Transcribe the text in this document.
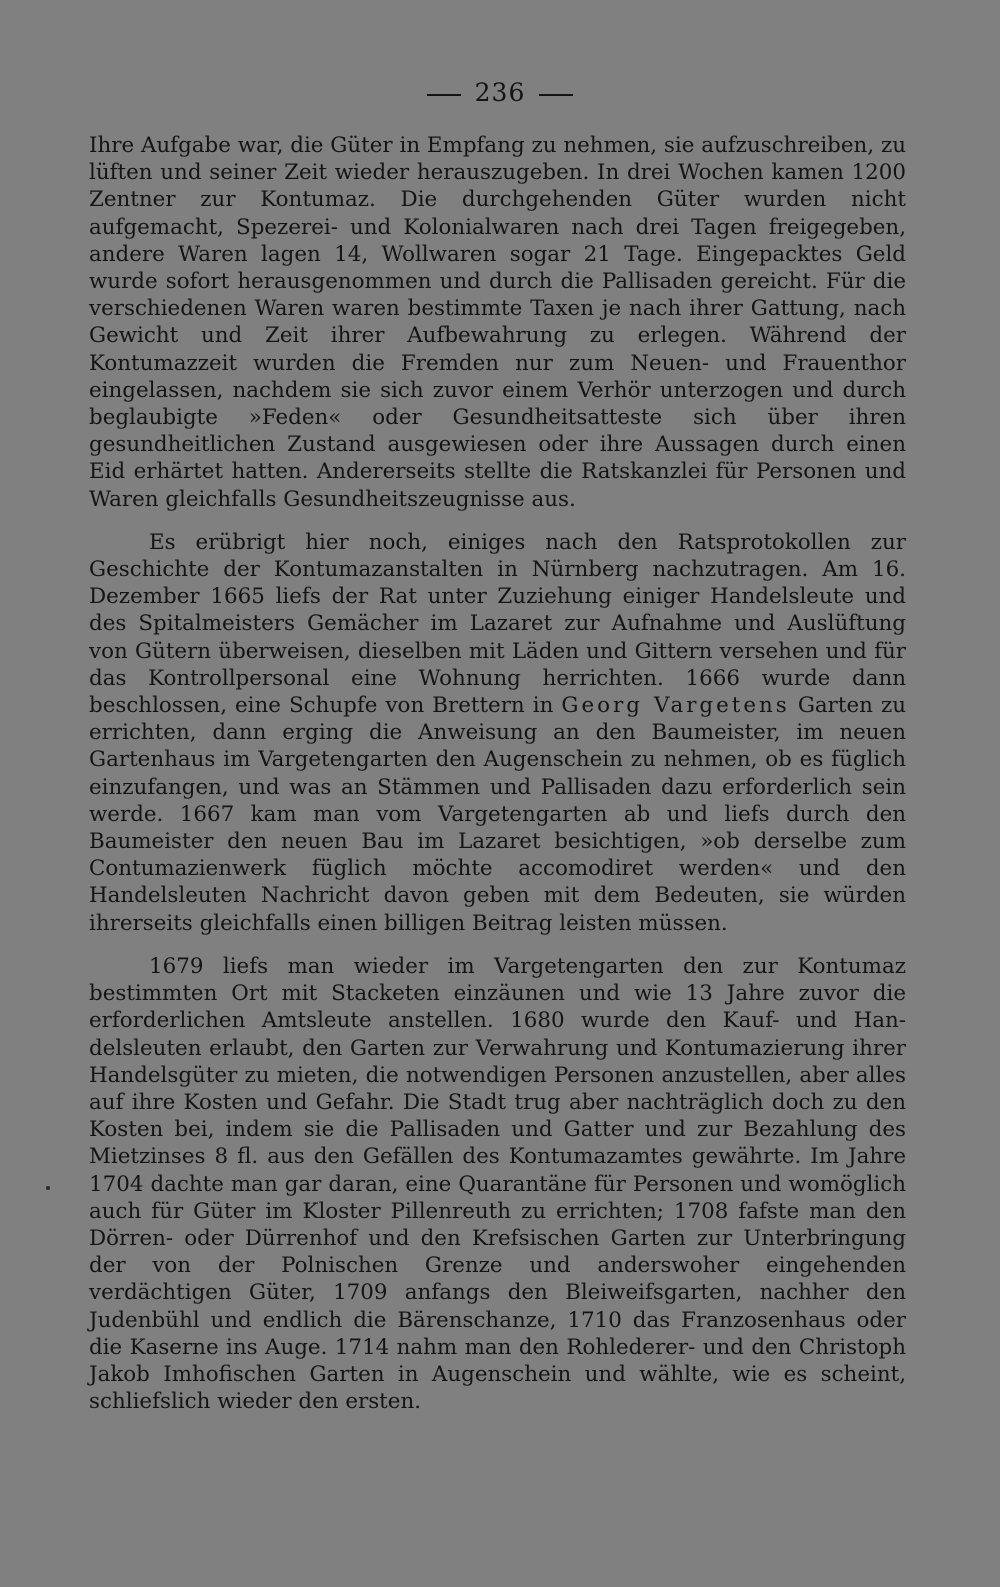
236

Ihre Aufgabe war, die Güter in Empfang zu nehmen, sie aufzuschreiben, zu lüften und seiner Zeit wieder herauszugeben. In drei Wochen kamen 1200 Zentner zur Kontumaz. Die durchgehenden Güter wurden nicht aufgemacht, Spezerei- und Kolonialwaren nach drei Tagen freigegeben, andere Waren lagen 14, Wollwaren sogar 21 Tage. Eingepacktes Geld wurde sofort herausgenommen und durch die Pallisaden gereicht. Für die verschiedenen Waren waren bestimmte Taxen je nach ihrer Gattung, nach Gewicht und Zeit ihrer Aufbewahrung zu erlegen. Während der Kontumazzeit wurden die Fremden nur zum Neuen- und Frauenthor eingelassen, nachdem sie sich zuvor einem Verhör unterzogen und durch beglaubigte »Feden« oder Gesundheitsatteste sich über ihren gesundheitlichen Zustand ausgewiesen oder ihre Aussagen durch einen Eid erhärtet hatten. Andererseits stellte die Ratskanzlei für Personen und Waren gleichfalls Gesundheitszeugnisse aus.

Es erübrigt hier noch, einiges nach den Ratsprotokollen zur Geschichte der Kontumazanstalten in Nürnberg nachzutragen. Am 16. Dezember 1665 liefs der Rat unter Zuziehung einiger Handelsleute und des Spitalmeisters Gemächer im Lazaret zur Aufnahme und Auslüftung von Gütern überweisen, dieselben mit Läden und Gittern versehen und für das Kontrollpersonal eine Wohnung herrichten. 1666 wurde dann beschlossen, eine Schupfe von Brettern in Georg Vargetens Garten zu errichten, dann erging die Anweisung an den Baumeister, im neuen Gartenhaus im Vargetengarten den Augenschein zu nehmen, ob es füglich einzufangen, und was an Stämmen und Pallisaden dazu erforderlich sein werde. 1667 kam man vom Vargetengarten ab und liefs durch den Baumeister den neuen Bau im Lazaret besichtigen, »ob derselbe zum Contumazienwerk füglich möchte accomodiret werden« und den Handelsleuten Nachricht davon geben mit dem Bedeuten, sie würden ihrerseits gleichfalls einen billigen Beitrag leisten müssen.

1679 liefs man wieder im Vargetengarten den zur Kontumaz bestimmten Ort mit Stacketen einzäunen und wie 13 Jahre zuvor die erforderlichen Amtsleute anstellen. 1680 wurde den Kauf- und Handelsleuten erlaubt, den Garten zur Verwahrung und Kontumazierung ihrer Handelsgüter zu mieten, die notwendigen Personen anzustellen, aber alles auf ihre Kosten und Gefahr. Die Stadt trug aber nachträglich doch zu den Kosten bei, indem sie die Pallisaden und Gatter und zur Bezahlung des Mietzinses 8 fl. aus den Gefällen des Kontumazamtes gewährte. Im Jahre 1704 dachte man gar daran, eine Quarantäne für Personen und womöglich auch für Güter im Kloster Pillenreuth zu errichten; 1708 fafste man den Dörren- oder Dürrenhof und den Krefsischen Garten zur Unterbringung der von der Polnischen Grenze und anderswoher eingehenden verdächtigen Güter, 1709 anfangs den Bleiweifsgarten, nachher den Judenbühl und endlich die Bärenschanze, 1710 das Franzosenhaus oder die Kaserne ins Auge. 1714 nahm man den Rohlederer- und den Christoph Jakob Imhofischen Garten in Augenschein und wählte, wie es scheint, schliefslich wieder den ersten.
